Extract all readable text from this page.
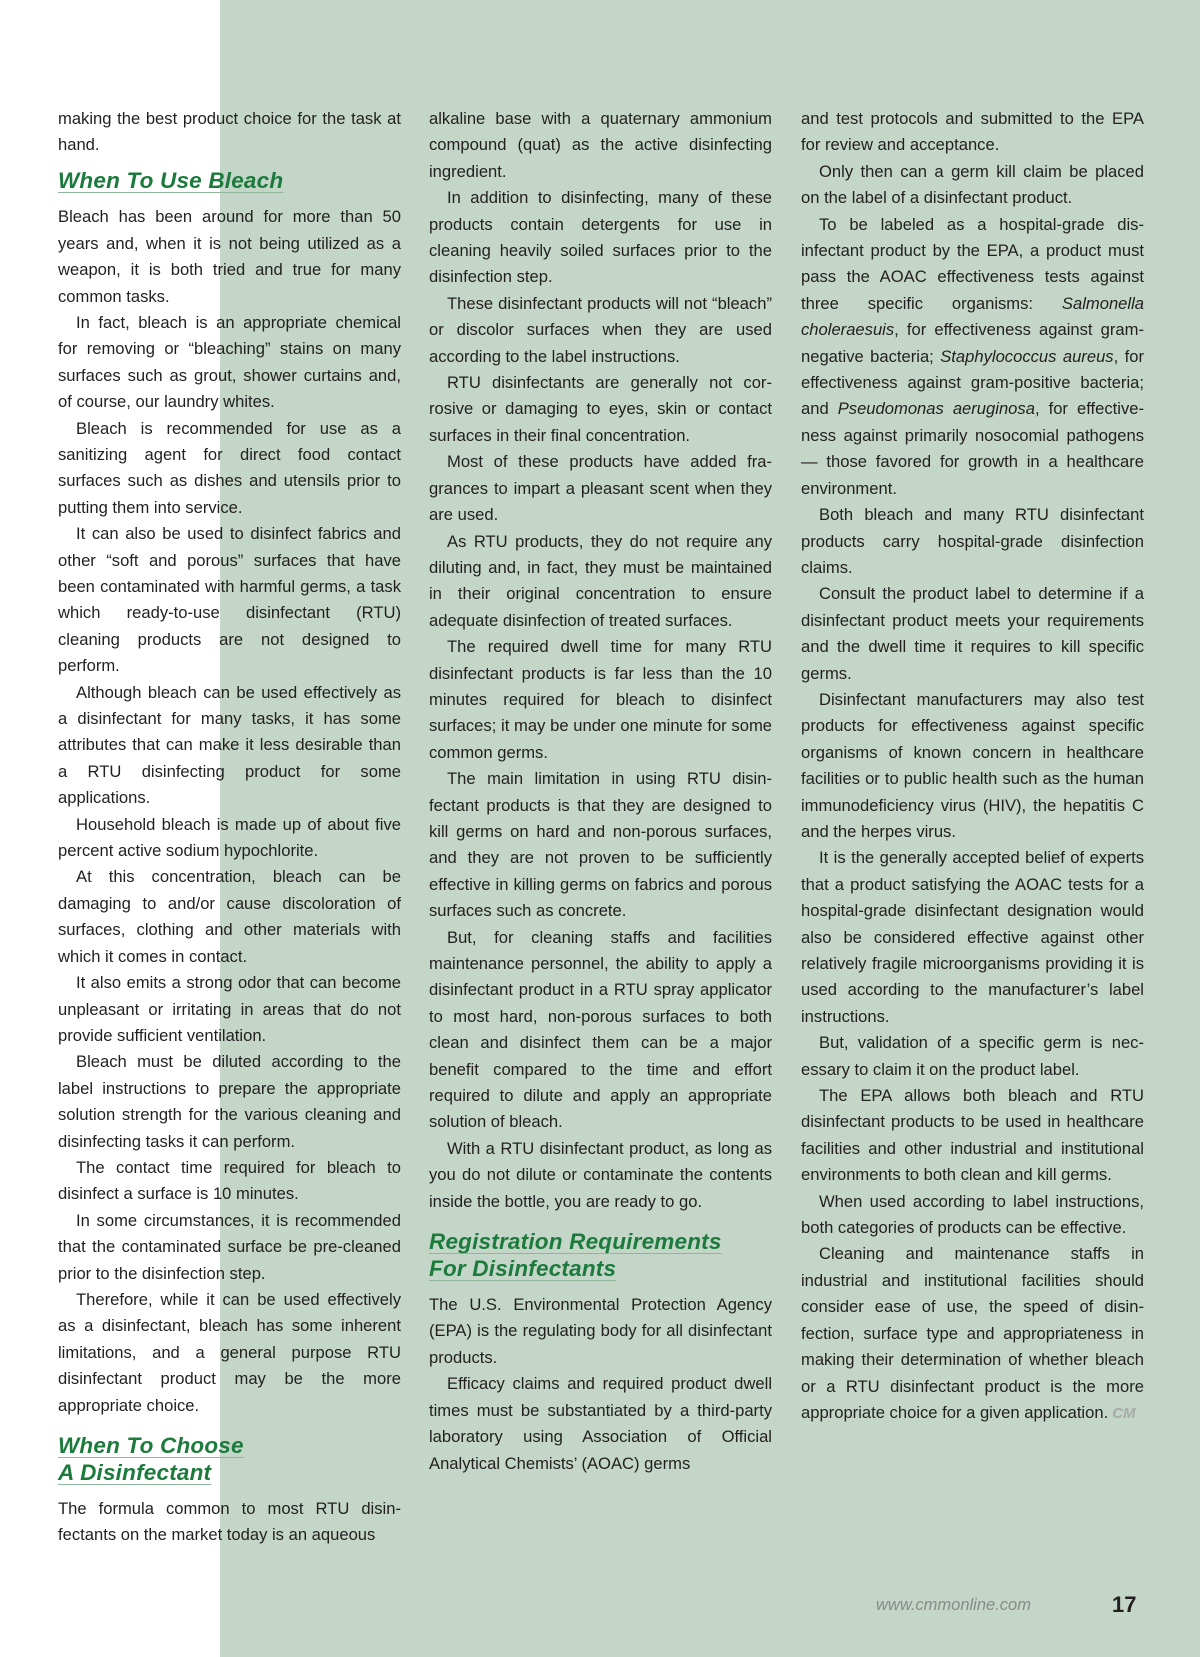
making the best product choice for the task at hand.

When To Use Bleach

Bleach has been around for more than 50 years and, when it is not being utilized as a weapon, it is both tried and true for many common tasks.

In fact, bleach is an appropriate chemical for removing or “bleaching” stains on many surfaces such as grout, shower curtains and, of course, our laundry whites.

Bleach is recommended for use as a sanitizing agent for direct food contact surfaces such as dishes and utensils prior to putting them into service.

It can also be used to disinfect fabrics and other “soft and porous” surfaces that have been contaminated with harmful germs, a task which ready-to-use disinfectant (RTU) cleaning products are not designed to perform.

Although bleach can be used effectively as a disinfectant for many tasks, it has some attributes that can make it less desirable than a RTU disinfecting product for some applications.

Household bleach is made up of about five percent active sodium hypochlorite.

At this concentration, bleach can be damaging to and/or cause discoloration of surfaces, clothing and other materials with which it comes in contact.

It also emits a strong odor that can become unpleasant or irritating in areas that do not provide sufficient ventilation.

Bleach must be diluted according to the label instructions to prepare the appropriate solution strength for the various cleaning and disinfecting tasks it can perform.

The contact time required for bleach to disinfect a surface is 10 minutes.

In some circumstances, it is recommended that the contaminated surface be pre-cleaned prior to the disinfection step.

Therefore, while it can be used effectively as a disinfectant, bleach has some inherent limitations, and a general purpose RTU disinfectant product may be the more appropriate choice.

When To Choose
A Disinfectant

The formula common to most RTU disinfectants on the market today is an aqueous

alkaline base with a quaternary ammonium compound (quat) as the active disinfecting ingredient.

In addition to disinfecting, many of these products contain detergents for use in cleaning heavily soiled surfaces prior to the disinfection step.

These disinfectant products will not “bleach” or discolor surfaces when they are used according to the label instructions.

RTU disinfectants are generally not corrosive or damaging to eyes, skin or contact surfaces in their final concentration.

Most of these products have added fragrances to impart a pleasant scent when they are used.

As RTU products, they do not require any diluting and, in fact, they must be maintained in their original concentration to ensure adequate disinfection of treated surfaces.

The required dwell time for many RTU disinfectant products is far less than the 10 minutes required for bleach to disinfect surfaces; it may be under one minute for some common germs.

The main limitation in using RTU disinfectant products is that they are designed to kill germs on hard and non-porous surfaces, and they are not proven to be sufficiently effective in killing germs on fabrics and porous surfaces such as concrete.

But, for cleaning staffs and facilities maintenance personnel, the ability to apply a disinfectant product in a RTU spray applicator to most hard, non-porous surfaces to both clean and disinfect them can be a major benefit compared to the time and effort required to dilute and apply an appropriate solution of bleach.

With a RTU disinfectant product, as long as you do not dilute or contaminate the contents inside the bottle, you are ready to go.

Registration Requirements
For Disinfectants

The U.S. Environmental Protection Agency (EPA) is the regulating body for all disinfectant products.

Efficacy claims and required product dwell times must be substantiated by a third-party laboratory using Association of Official Analytical Chemists’ (AOAC) germs

and test protocols and submitted to the EPA for review and acceptance.

Only then can a germ kill claim be placed on the label of a disinfectant product.

To be labeled as a hospital-grade disinfectant product by the EPA, a product must pass the AOAC effectiveness tests against three specific organisms: Salmonella choleraesuis, for effectiveness against gram-negative bacteria; Staphylococcus aureus, for effectiveness against gram-positive bacteria; and Pseudomonas aeruginosa, for effectiveness against primarily nosocomial pathogens — those favored for growth in a healthcare environment.

Both bleach and many RTU disinfectant products carry hospital-grade disinfection claims.

Consult the product label to determine if a disinfectant product meets your requirements and the dwell time it requires to kill specific germs.

Disinfectant manufacturers may also test products for effectiveness against specific organisms of known concern in healthcare facilities or to public health such as the human immunodeficiency virus (HIV), the hepatitis C and the herpes virus.

It is the generally accepted belief of experts that a product satisfying the AOAC tests for a hospital-grade disinfectant designation would also be considered effective against other relatively fragile microorganisms providing it is used according to the manufacturer’s label instructions.

But, validation of a specific germ is necessary to claim it on the product label.

The EPA allows both bleach and RTU disinfectant products to be used in healthcare facilities and other industrial and institutional environments to both clean and kill germs.

When used according to label instructions, both categories of products can be effective.

Cleaning and maintenance staffs in industrial and institutional facilities should consider ease of use, the speed of disinfection, surface type and appropriateness in making their determination of whether bleach or a RTU disinfectant product is the more appropriate choice for a given application. CM

www.cmmonline.com	17
